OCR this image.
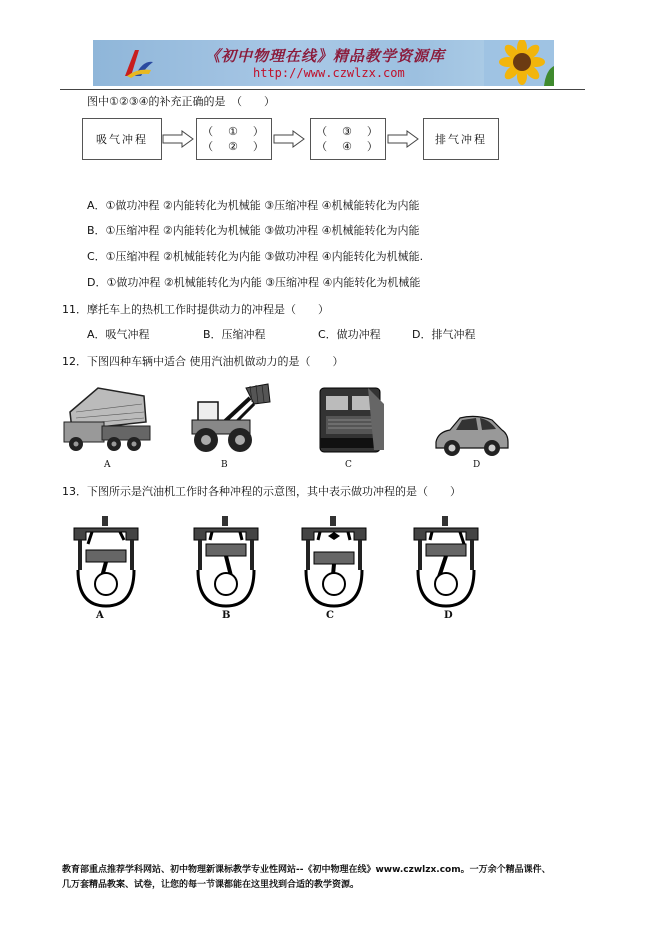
《初中物理在线》精品教学资源库
http://www.czwlzx.com
图中①②③④的补充正确的是　（　　）
吸气冲程
（　①　）
（　②　）
（　③　）
（　④　）
排气冲程
A．①做功冲程 ②内能转化为机械能 ③压缩冲程 ④机械能转化为内能
B．①压缩冲程 ②内能转化为机械能 ③做功冲程 ④机械能转化为内能
C．①压缩冲程 ②机械能转化为内能 ③做功冲程 ④内能转化为机械能.
D．①做功冲程 ②机械能转化为内能 ③压缩冲程 ④内能转化为机械能
11．摩托车上的热机工作时提供动力的冲程是（　　）
A．吸气冲程	B．压缩冲程	C．做功冲程	D．排气冲程
12．下图四种车辆中适合 使用汽油机做动力的是（　　）
A	B	C	D
13．下图所示是汽油机工作时各种冲程的示意图，其中表示做功冲程的是（　　）
A	B	C	D
教育部重点推荐学科网站、初中物理新课标教学专业性网站--《初中物理在线》www.czwlzx.com。一万余个精品课件、
几万套精品教案、试卷，让您的每一节课都能在这里找到合适的教学资源。
